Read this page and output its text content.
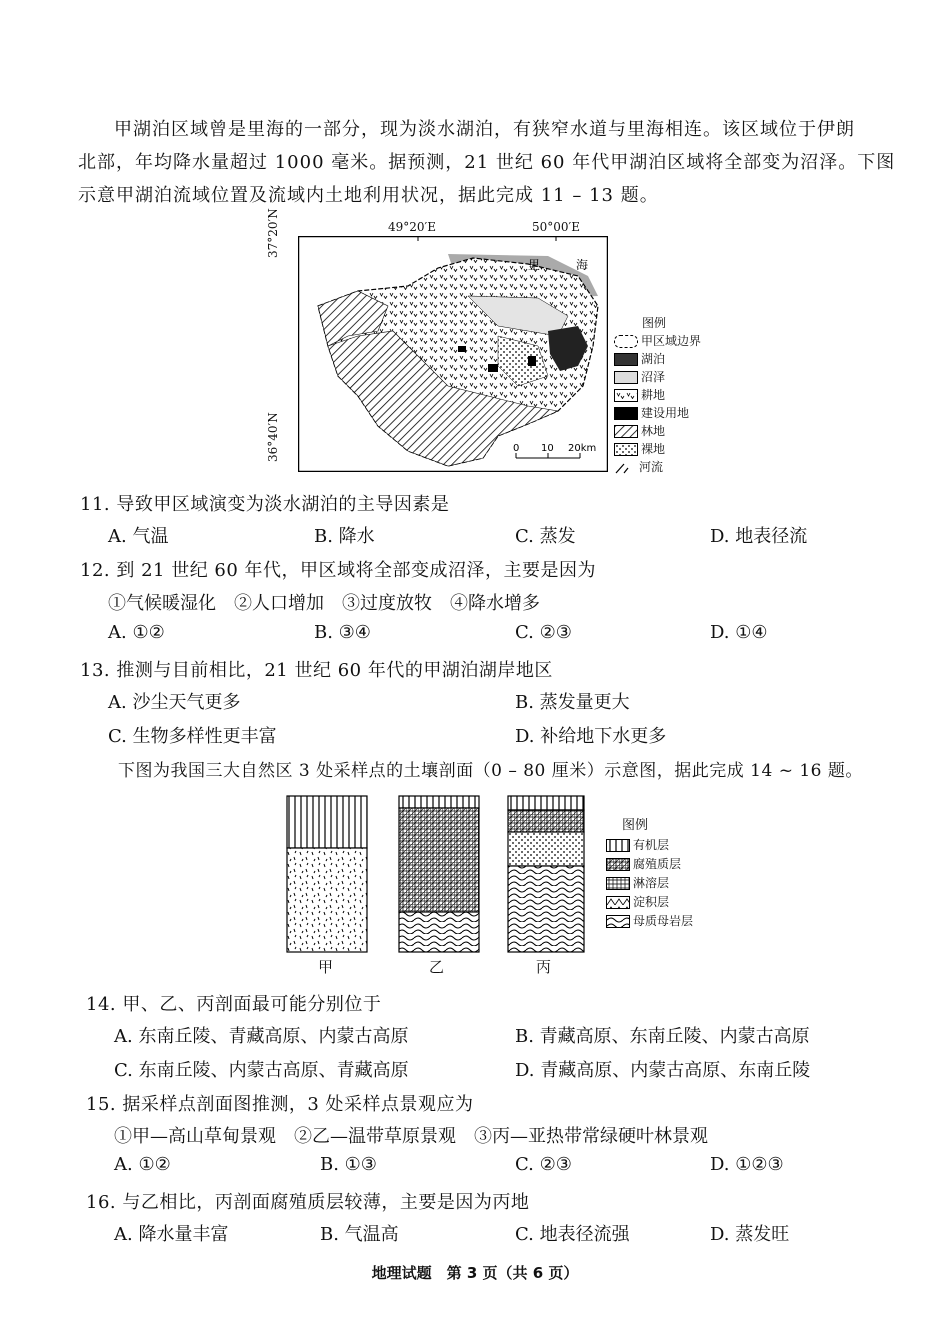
甲湖泊区域曾是里海的一部分，现为淡水湖泊，有狭窄水道与里海相连。该区域位于伊朗
北部，年均降水量超过 1000 毫米。据预测，21 世纪 60 年代甲湖泊区域将全部变为沼泽。下图
示意甲湖泊流域位置及流域内土地利用状况，据此完成 11 – 13 题。
49°20′E	50°00′E
37°20′N
36°40′N
里	海
0 10 20km
图例
甲区域边界
湖泊
沼泽
耕地
建设用地
林地
裸地
河流
11. 导致甲区域演变为淡水湖泊的主导因素是
A. 气温	B. 降水	C. 蒸发	D. 地表径流
12. 到 21 世纪 60 年代，甲区域将全部变成沼泽，主要是因为
①气候暖湿化　②人口增加　③过度放牧　④降水增多
A. ①②	B. ③④	C. ②③	D. ①④
13. 推测与目前相比，21 世纪 60 年代的甲湖泊湖岸地区
A. 沙尘天气更多	B. 蒸发量更大
C. 生物多样性更丰富	D. 补给地下水更多
下图为我国三大自然区 3 处采样点的土壤剖面（0 – 80 厘米）示意图，据此完成 14 ~ 16 题。
甲	乙	丙
图例
有机层
腐殖质层
淋溶层
淀积层
母质母岩层
14. 甲、乙、丙剖面最可能分别位于
A. 东南丘陵、青藏高原、内蒙古高原	B. 青藏高原、东南丘陵、内蒙古高原
C. 东南丘陵、内蒙古高原、青藏高原	D. 青藏高原、内蒙古高原、东南丘陵
15. 据采样点剖面图推测，3 处采样点景观应为
①甲—高山草甸景观　②乙—温带草原景观　③丙—亚热带常绿硬叶林景观
A. ①②	B. ①③	C. ②③	D. ①②③
16. 与乙相比，丙剖面腐殖质层较薄，主要是因为丙地
A. 降水量丰富	B. 气温高	C. 地表径流强	D. 蒸发旺
地理试题　第 3 页（共 6 页）
